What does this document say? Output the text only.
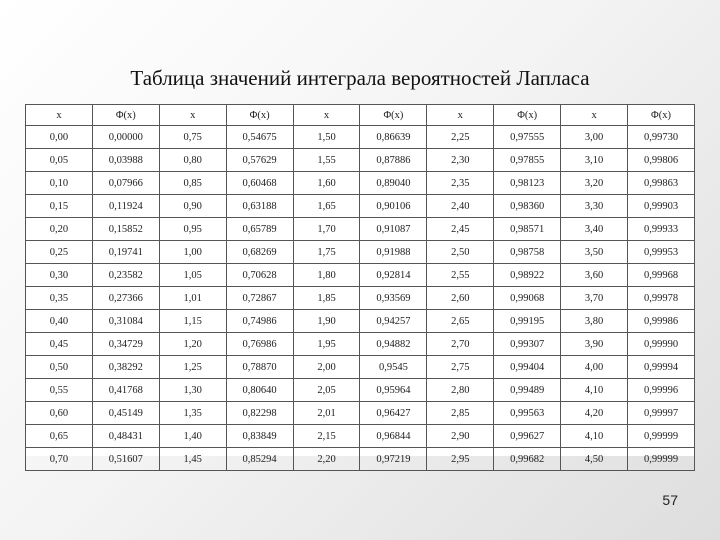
Таблица значений интеграла вероятностей Лапласа
x	Φ(x)	x	Φ(x)	x	Φ(x)	x	Φ(x)	x	Φ(x)
0,00	0,00000	0,75	0,54675	1,50	0,86639	2,25	0,97555	3,00	0,99730
0,05	0,03988	0,80	0,57629	1,55	0,87886	2,30	0,97855	3,10	0,99806
0,10	0,07966	0,85	0,60468	1,60	0,89040	2,35	0,98123	3,20	0,99863
0,15	0,11924	0,90	0,63188	1,65	0,90106	2,40	0,98360	3,30	0,99903
0,20	0,15852	0,95	0,65789	1,70	0,91087	2,45	0,98571	3,40	0,99933
0,25	0,19741	1,00	0,68269	1,75	0,91988	2,50	0,98758	3,50	0,99953
0,30	0,23582	1,05	0,70628	1,80	0,92814	2,55	0,98922	3,60	0,99968
0,35	0,27366	1,01	0,72867	1,85	0,93569	2,60	0,99068	3,70	0,99978
0,40	0,31084	1,15	0,74986	1,90	0,94257	2,65	0,99195	3,80	0,99986
0,45	0,34729	1,20	0,76986	1,95	0,94882	2,70	0,99307	3,90	0,99990
0,50	0,38292	1,25	0,78870	2,00	0,9545	2,75	0,99404	4,00	0,99994
0,55	0,41768	1,30	0,80640	2,05	0,95964	2,80	0,99489	4,10	0,99996
0,60	0,45149	1,35	0,82298	2,01	0,96427	2,85	0,99563	4,20	0,99997
0,65	0,48431	1,40	0,83849	2,15	0,96844	2,90	0,99627	4,10	0,99999
0,70	0,51607	1,45	0,85294	2,20	0,97219	2,95	0,99682	4,50	0,99999
57
